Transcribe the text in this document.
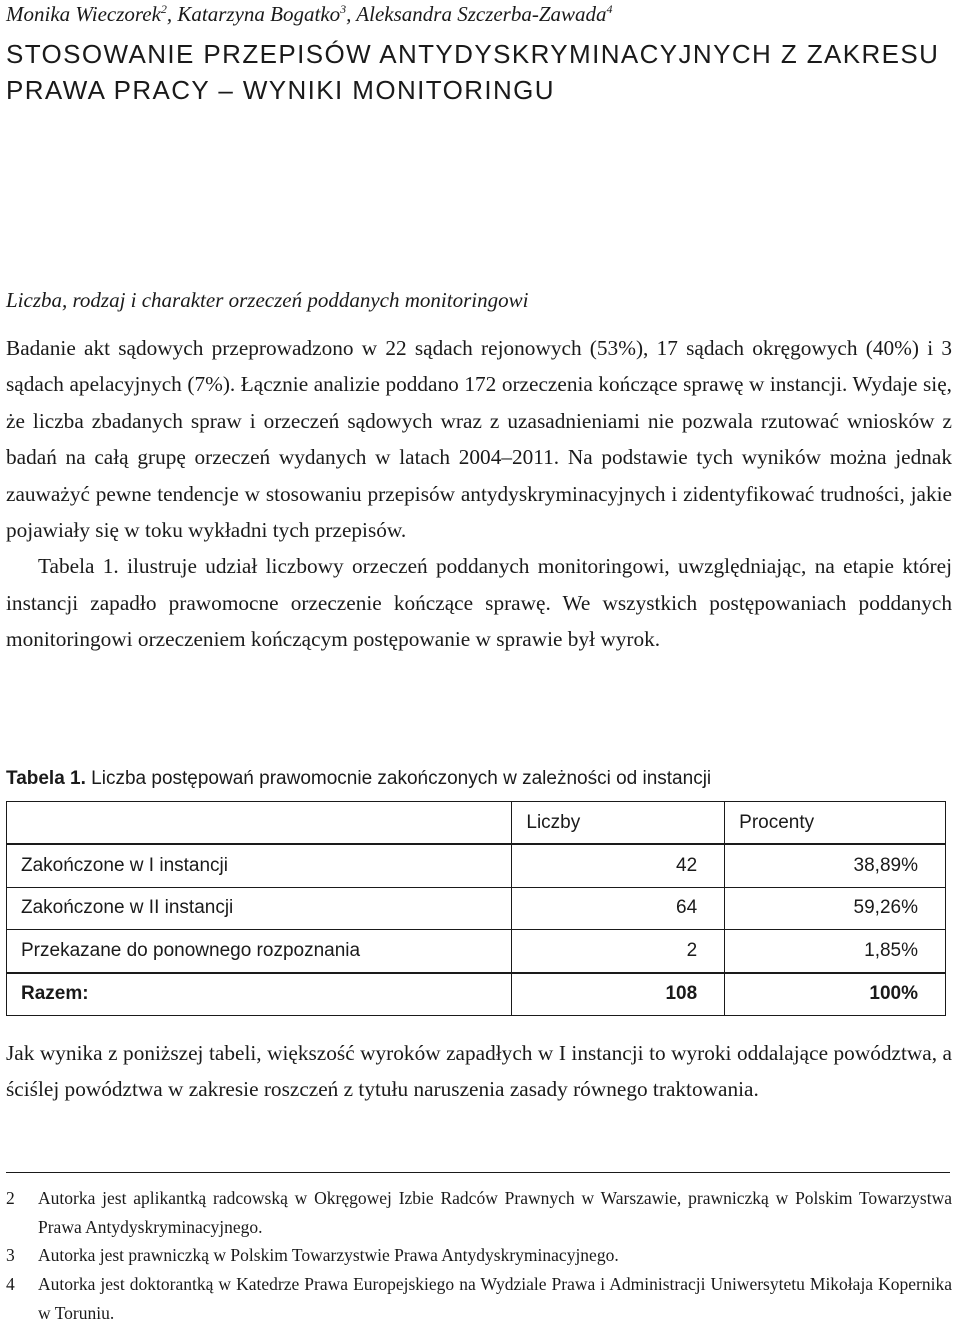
Monika Wieczorek$^2$, Katarzyna Bogatko$^3$, Aleksandra Szczerba-Zawada$^4$
STOSOWANIE PRZEPISÓW ANTYDYSKRYMINACYJNYCH Z ZAKRESU PRAWA PRACY – WYNIKI MONITORINGU
Liczba, rodzaj i charakter orzeczeń poddanych monitoringowi

Badanie akt sądowych przeprowadzono w 22 sądach rejonowych (53%), 17 sądach okręgowych (40%) i 3 sądach apelacyjnych (7%). Łącznie analizie poddano 172 orzeczenia kończące sprawę w instancji. Wydaje się, że liczba zbadanych spraw i orzeczeń sądowych wraz z uzasadnieniami nie pozwala rzutować wniosków z badań na całą grupę orzeczeń wydanych w latach 2004–2011. Na podstawie tych wyników można jednak zauważyć pewne tendencje w stosowaniu przepisów antydyskryminacyjnych i zidentyfikować trudności, jakie pojawiały się w toku wykładni tych przepisów.

Tabela 1. ilustruje udział liczbowy orzeczeń poddanych monitoringowi, uwzględniając, na etapie której instancji zapadło prawomocne orzeczenie kończące sprawę. We wszystkich postępowaniach poddanych monitoringowi orzeczeniem kończącym postępowanie w sprawie był wyrok.

Tabela 1. Liczba postępowań prawomocnie zakończonych w zależności od instancji
	Liczby	Procenty
Zakończone w I instancji	42	38,89%
Zakończone w II instancji	64	59,26%
Przekazane do ponownego rozpoznania	2	1,85%
Razem:	108	100%

Jak wynika z poniższej tabeli, większość wyroków zapadłych w I instancji to wyroki oddalające powództwa, a ściślej powództwa w zakresie roszczeń z tytułu naruszenia zasady równego traktowania.

2	Autorka jest aplikantką radcowską w Okręgowej Izbie Radców Prawnych w Warszawie, prawniczką w Polskim Towarzystwa Prawa Antydyskryminacyjnego.
3	Autorka jest prawniczką w Polskim Towarzystwie Prawa Antydyskryminacyjnego.
4	Autorka jest doktorantką w Katedrze Prawa Europejskiego na Wydziale Prawa i Administracji Uniwersytetu Mikołaja Kopernika w Toruniu.
